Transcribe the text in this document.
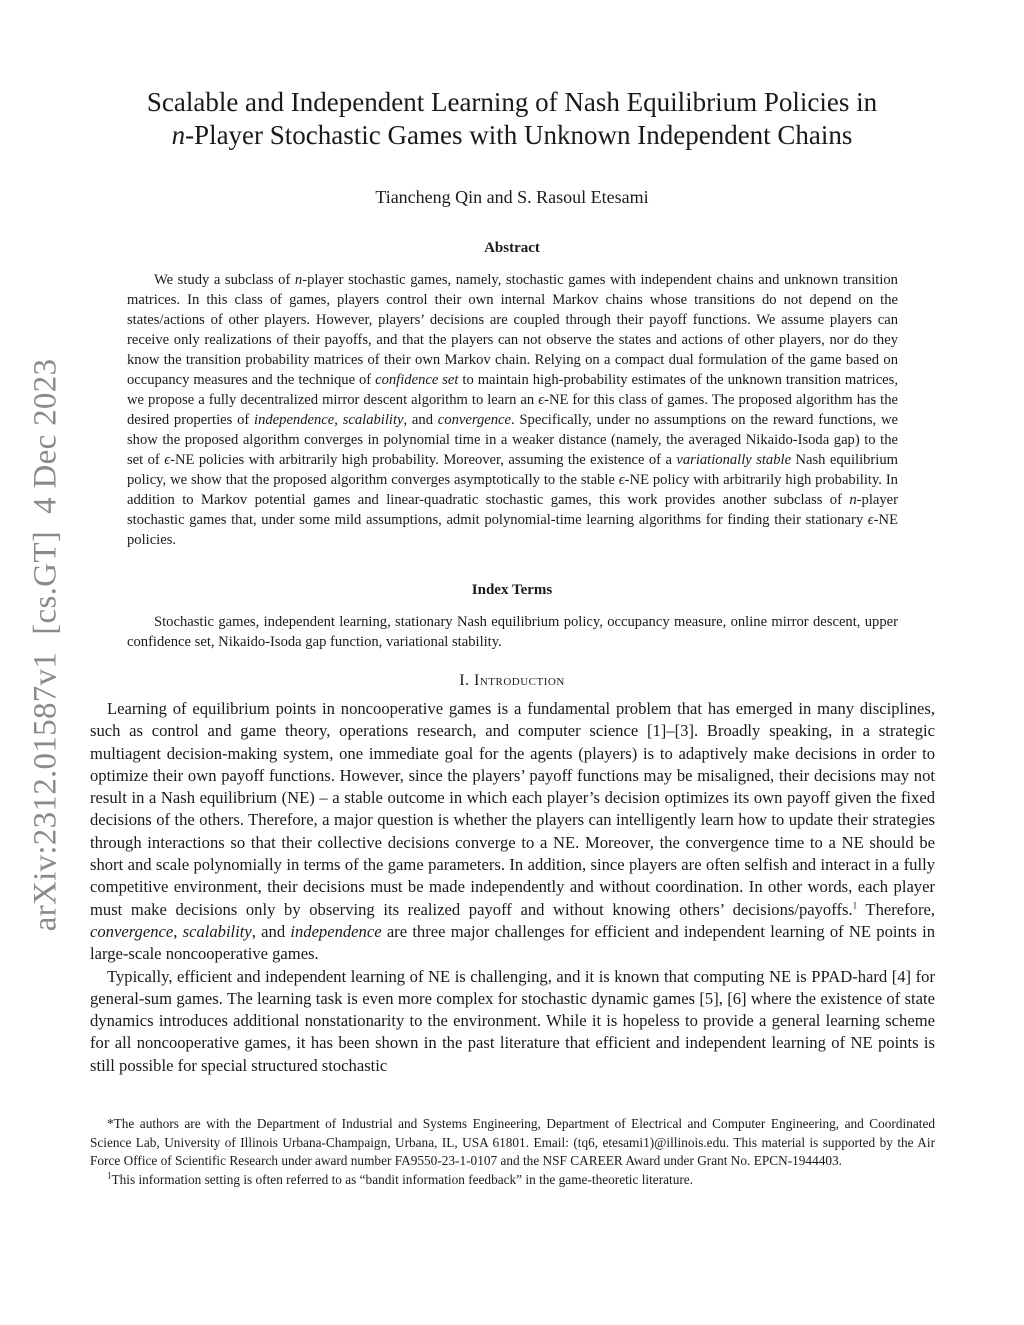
arXiv:2312.01587v1  [cs.GT]  4 Dec 2023
Scalable and Independent Learning of Nash Equilibrium Policies in
n-Player Stochastic Games with Unknown Independent Chains
Tiancheng Qin and S. Rasoul Etesami
Abstract

We study a subclass of n-player stochastic games, namely, stochastic games with independent chains and unknown transition matrices. In this class of games, players control their own internal Markov chains whose transitions do not depend on the states/actions of other players. However, players’ decisions are coupled through their payoff functions. We assume players can receive only realizations of their payoffs, and that the players can not observe the states and actions of other players, nor do they know the transition probability matrices of their own Markov chain. Relying on a compact dual formulation of the game based on occupancy measures and the technique of confidence set to maintain high-probability estimates of the unknown transition matrices, we propose a fully decentralized mirror descent algorithm to learn an ϵ-NE for this class of games. The proposed algorithm has the desired properties of independence, scalability, and convergence. Specifically, under no assumptions on the reward functions, we show the proposed algorithm converges in polynomial time in a weaker distance (namely, the averaged Nikaido-Isoda gap) to the set of ϵ-NE policies with arbitrarily high probability. Moreover, assuming the existence of a variationally stable Nash equilibrium policy, we show that the proposed algorithm converges asymptotically to the stable ϵ-NE policy with arbitrarily high probability. In addition to Markov potential games and linear-quadratic stochastic games, this work provides another subclass of n-player stochastic games that, under some mild assumptions, admit polynomial-time learning algorithms for finding their stationary ϵ-NE policies.

Index Terms

Stochastic games, independent learning, stationary Nash equilibrium policy, occupancy measure, online mirror descent, upper confidence set, Nikaido-Isoda gap function, variational stability.

I. Introduction

Learning of equilibrium points in noncooperative games is a fundamental problem that has emerged in many disciplines, such as control and game theory, operations research, and computer science [1]–[3]. Broadly speaking, in a strategic multiagent decision-making system, one immediate goal for the agents (players) is to adaptively make decisions in order to optimize their own payoff functions. However, since the players’ payoff functions may be misaligned, their decisions may not result in a Nash equilibrium (NE) – a stable outcome in which each player’s decision optimizes its own payoff given the fixed decisions of the others. Therefore, a major question is whether the players can intelligently learn how to update their strategies through interactions so that their collective decisions converge to a NE. Moreover, the convergence time to a NE should be short and scale polynomially in terms of the game parameters. In addition, since players are often selfish and interact in a fully competitive environment, their decisions must be made independently and without coordination. In other words, each player must make decisions only by observing its realized payoff and without knowing others’ decisions/payoffs.$^1$ Therefore, convergence, scalability, and independence are three major challenges for efficient and independent learning of NE points in large-scale noncooperative games.

Typically, efficient and independent learning of NE is challenging, and it is known that computing NE is PPAD-hard [4] for general-sum games. The learning task is even more complex for stochastic dynamic games [5], [6] where the existence of state dynamics introduces additional nonstationarity to the environment. While it is hopeless to provide a general learning scheme for all noncooperative games, it has been shown in the past literature that efficient and independent learning of NE points is still possible for special structured stochastic

*The authors are with the Department of Industrial and Systems Engineering, Department of Electrical and Computer Engineering, and Coordinated Science Lab, University of Illinois Urbana-Champaign, Urbana, IL, USA 61801. Email: (tq6, etesami1)@illinois.edu. This material is supported by the Air Force Office of Scientific Research under award number FA9550-23-1-0107 and the NSF CAREER Award under Grant No. EPCN-1944403.

$^1$This information setting is often referred to as “bandit information feedback” in the game-theoretic literature.
